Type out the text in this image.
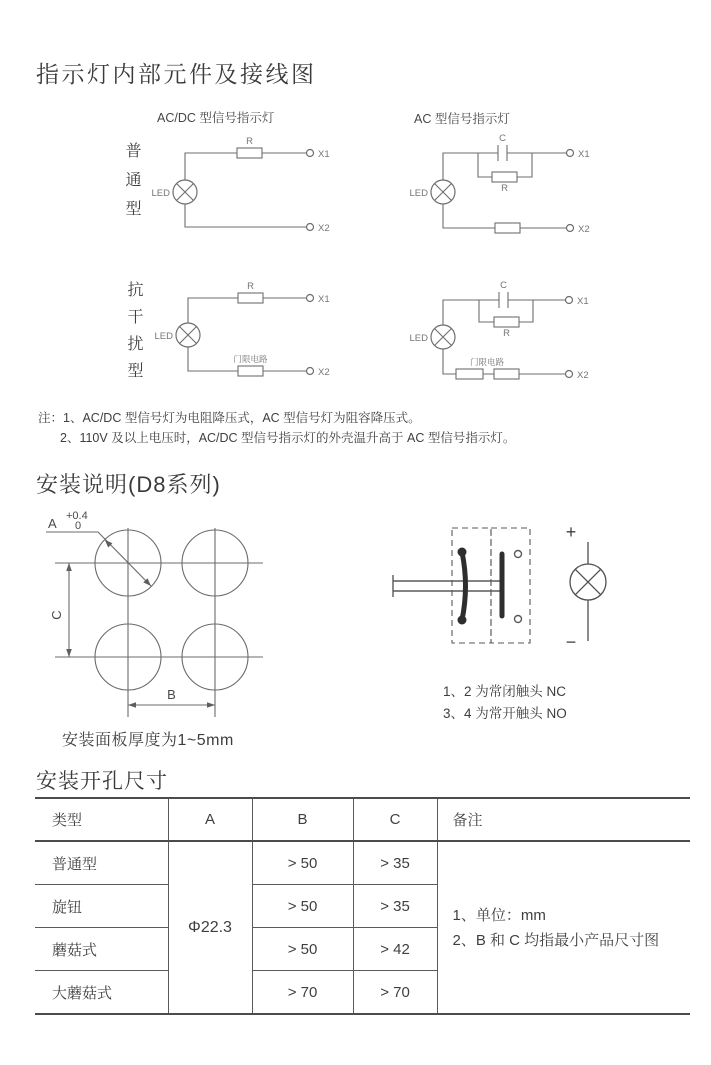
指示灯内部元件及接线图
AC/DC 型信号指示灯	AC 型信号指示灯
普通型
抗干扰型
LED
R
X1
X2
LED
C
R
X1
X2
LED
R
门限电路
X1
X2
LED
C
R
门限电路
X1
X2
注：1、AC/DC 型信号灯为电阻降压式，AC 型信号灯为阻容降压式。
2、110V 及以上电压时，AC/DC 型信号指示灯的外壳温升高于 AC 型信号指示灯。
安装说明(D8系列)
A +0.4
0
C
B
安装面板厚度为1~5mm
+
−
1、2 为常闭触头 NC
3、4 为常开触头 NO
安装开孔尺寸
类型	A	B	C	备注
普通型	Φ22.3	> 50	> 35	1、单位：mm
2、B 和 C 均指最小产品尺寸图

旋钮		> 50	> 35	
蘑菇式		> 50	> 42	
大蘑菇式		> 70	> 70	
